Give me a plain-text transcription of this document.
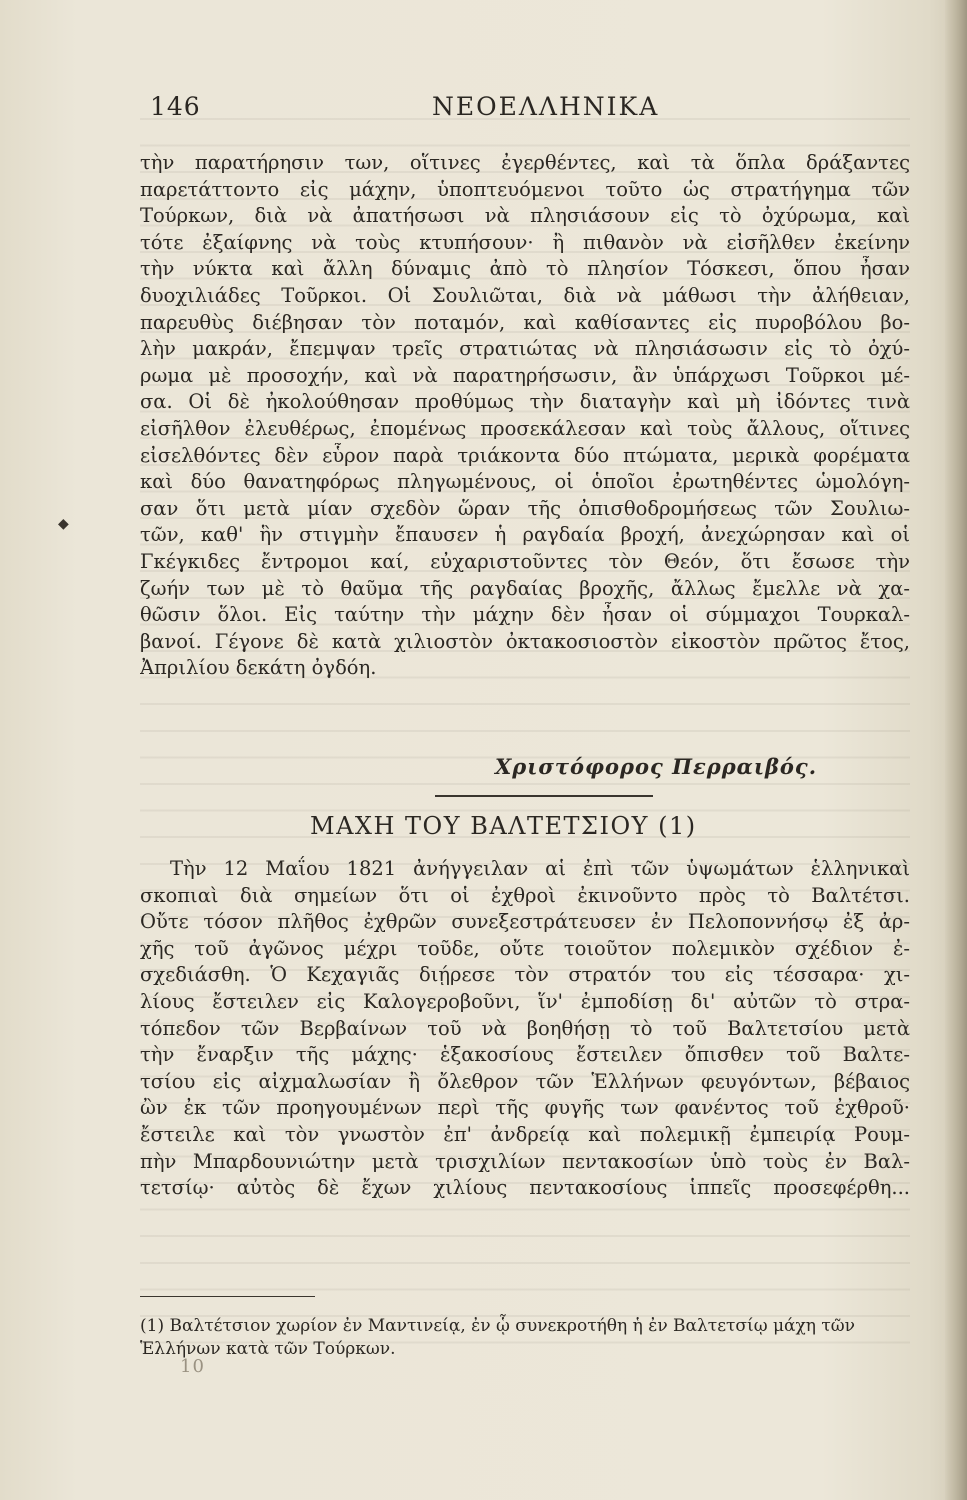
146	ΝΕΟΕΛΛΗΝΙΚΑ
◆
τὴν παρατήρησιν των, οἵτινες ἐγερθέντες, καὶ τὰ ὅπλα δράξαντες
παρετάττοντο εἰς μάχην, ὑποπτευόμενοι τοῦτο ὡς στρατήγημα τῶν
Τούρκων, διὰ νὰ ἀπατήσωσι νὰ πλησιάσουν εἰς τὸ ὀχύρωμα, καὶ
τότε ἐξαίφνης νὰ τοὺς κτυπήσουν· ἢ πιθανὸν νὰ εἰσῆλθεν ἐκείνην
τὴν νύκτα καὶ ἄλλη δύναμις ἀπὸ τὸ πλησίον Τόσκεσι, ὅπου ἦσαν
δυοχιλιάδες Τοῦρκοι. Οἱ Σουλιῶται, διὰ νὰ μάθωσι τὴν ἀλήθειαν,
παρευθὺς διέβησαν τὸν ποταμόν, καὶ καθίσαντες εἰς πυροβόλου βο-
λὴν μακράν, ἔπεμψαν τρεῖς στρατιώτας νὰ πλησιάσωσιν εἰς τὸ ὀχύ-
ρωμα μὲ προσοχήν, καὶ νὰ παρατηρήσωσιν, ἂν ὑπάρχωσι Τοῦρκοι μέ-
σα. Οἱ δὲ ἠκολούθησαν προθύμως τὴν διαταγὴν καὶ μὴ ἰδόντες τινὰ
εἰσῆλθον ἐλευθέρως, ἐπομένως προσεκάλεσαν καὶ τοὺς ἄλλους, οἵτινες
εἰσελθόντες δὲν εὗρον παρὰ τριάκοντα δύο πτώματα, μερικὰ φορέματα
καὶ δύο θανατηφόρως πληγωμένους, οἱ ὁποῖοι ἐρωτηθέντες ὡμολόγη-
σαν ὅτι μετὰ μίαν σχεδὸν ὥραν τῆς ὀπισθοδρομήσεως τῶν Σουλιω-
τῶν, καθ' ἣν στιγμὴν ἔπαυσεν ἡ ραγδαία βροχή, ἀνεχώρησαν καὶ οἱ
Γκέγκιδες ἔντρομοι καί, εὐχαριστοῦντες τὸν Θεόν, ὅτι ἔσωσε τὴν
ζωήν των μὲ τὸ θαῦμα τῆς ραγδαίας βροχῆς, ἄλλως ἔμελλε νὰ χα-
θῶσιν ὅλοι. Εἰς ταύτην τὴν μάχην δὲν ἦσαν οἱ σύμμαχοι Τουρκαλ-
βανοί. Γέγονε δὲ κατὰ χιλιοστὸν ὀκτακοσιοστὸν εἰκοστὸν πρῶτος ἔτος,
Ἀπριλίου δεκάτη ὀγδόη.
Χριστόφορος Περραιβός.
ΜΑΧΗ ΤΟΥ ΒΑΛΤΕΤΣΙΟΥ (1)
Τὴν 12 Μαΐου 1821 ἀνήγγειλαν αἱ ἐπὶ τῶν ὑψωμάτων ἑλληνικαὶ
σκοπιαὶ διὰ σημείων ὅτι οἱ ἐχθροὶ ἐκινοῦντο πρὸς τὸ Βαλτέτσι.
Οὔτε τόσον πλῆθος ἐχθρῶν συνεξεστράτευσεν ἐν Πελοποννήσῳ ἐξ ἀρ-
χῆς τοῦ ἀγῶνος μέχρι τοῦδε, οὔτε τοιοῦτον πολεμικὸν σχέδιον ἐ-
σχεδιάσθη. Ὁ Κεχαγιᾶς διῄρεσε τὸν στρατόν του εἰς τέσσαρα· χι-
λίους ἔστειλεν εἰς Καλογεροβοῦνι, ἵν' ἐμποδίσῃ δι' αὐτῶν τὸ στρα-
τόπεδον τῶν Βερβαίνων τοῦ νὰ βοηθήσῃ τὸ τοῦ Βαλτετσίου μετὰ
τὴν ἔναρξιν τῆς μάχης· ἑξακοσίους ἔστειλεν ὄπισθεν τοῦ Βαλτε-
τσίου εἰς αἰχμαλωσίαν ἢ ὄλεθρον τῶν Ἑλλήνων φευγόντων, βέβαιος
ὢν ἐκ τῶν προηγουμένων περὶ τῆς φυγῆς των φανέντος τοῦ ἐχθροῦ·
ἔστειλε καὶ τὸν γνωστὸν ἐπ' ἀνδρείᾳ καὶ πολεμικῇ ἐμπειρίᾳ Ρουμ-
πὴν Μπαρδουνιώτην μετὰ τρισχιλίων πεντακοσίων ὑπὸ τοὺς ἐν Βαλ-
τετσίῳ· αὐτὸς δὲ ἔχων χιλίους πεντακοσίους ἱππεῖς προσεφέρθη...
(1) Βαλτέτσιον χωρίον ἐν Μαντινείᾳ, ἐν ᾧ συνεκροτήθη ἡ ἐν Βαλτετσίῳ μάχη τῶν Ἑλλήνων κατὰ τῶν Τούρκων.
10
